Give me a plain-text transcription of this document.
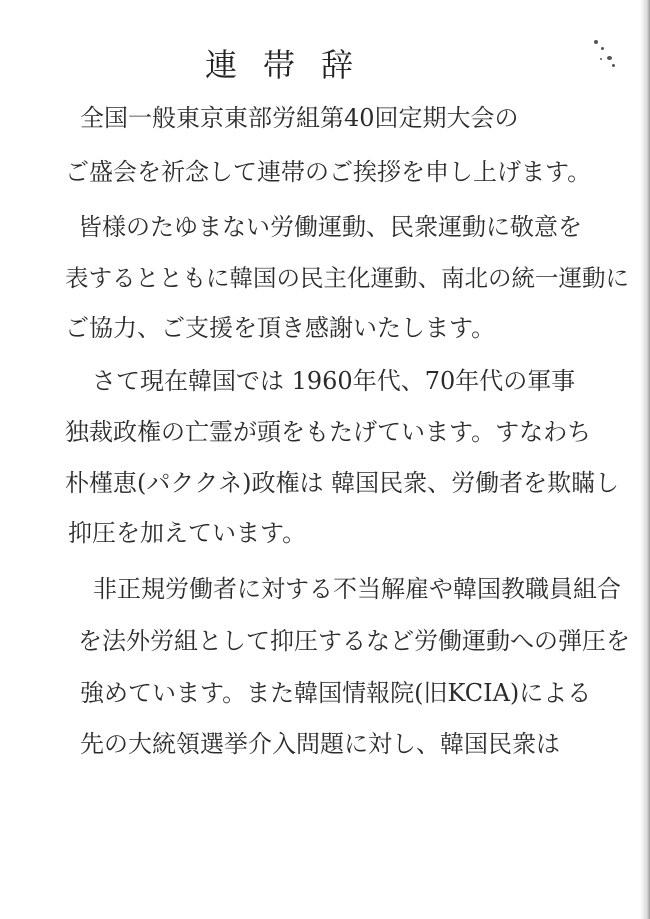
連帯辞
全国一般東京東部労組第40回定期大会の
ご盛会を祈念して連帯のご挨拶を申し上げます。
皆様のたゆまない労働運動、民衆運動に敬意を
表するとともに韓国の民主化運動、南北の統一運動に
ご協力、ご支援を頂き感謝いたします。
さて現在韓国では 1960年代、70年代の軍事
独裁政権の亡霊が頭をもたげています。すなわち
朴槿恵(パククネ)政権は 韓国民衆、労働者を欺瞞し
抑圧を加えています。
非正規労働者に対する不当解雇や韓国教職員組合
を法外労組として抑圧するなど労働運動への弾圧を
強めています。また韓国情報院(旧KCIA)による
先の大統領選挙介入問題に対し、韓国民衆は
